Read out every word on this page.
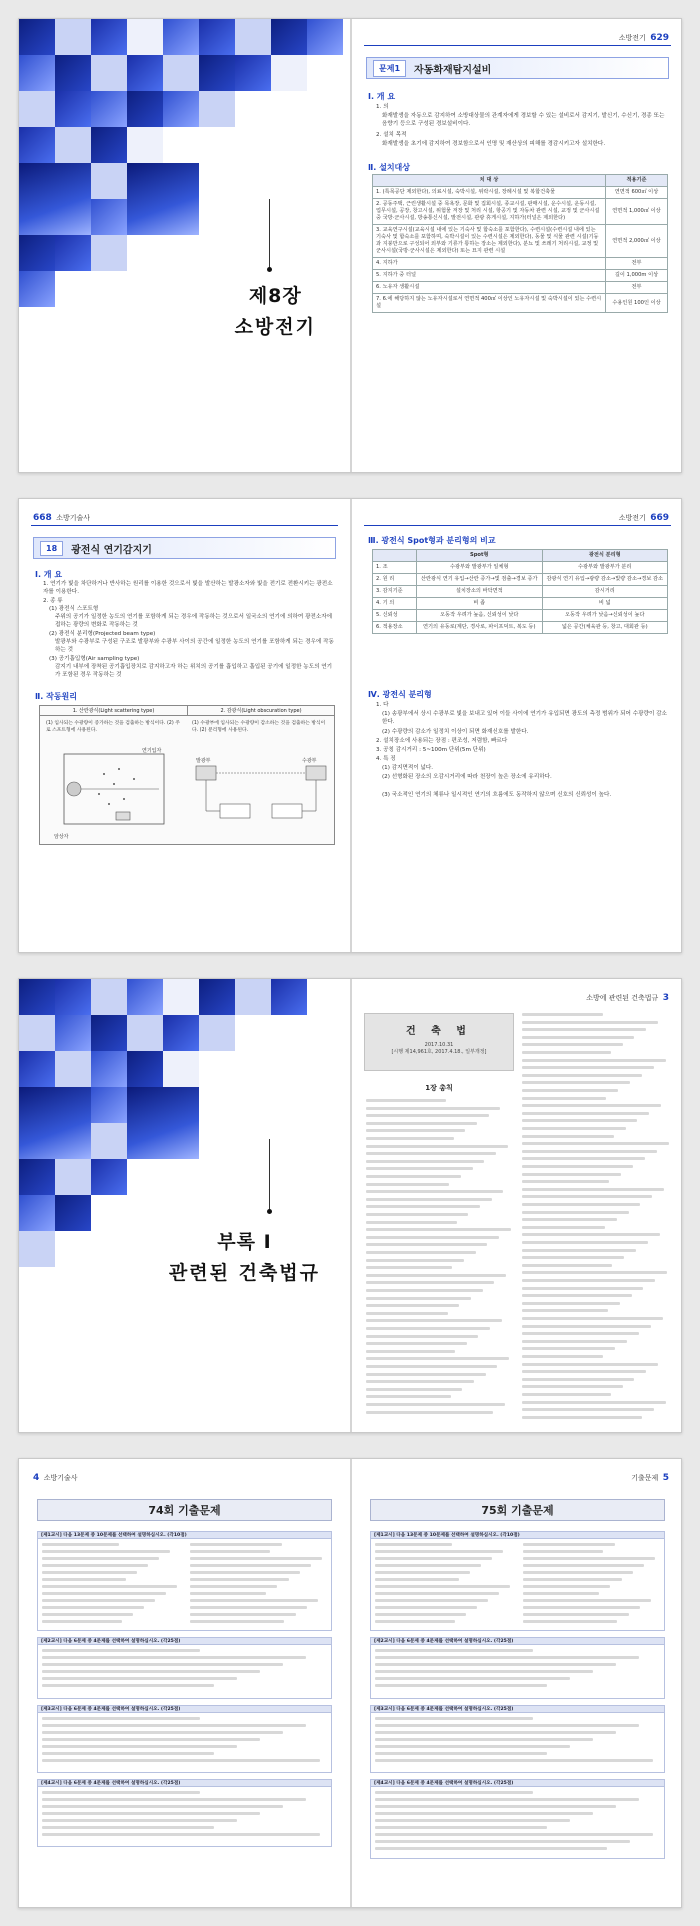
제8장
소방전기
소방전기 629
문제1	자동화재탐지설비
Ⅰ. 개 요
1. 의
화재발생을 자동으로 감지하여 소방대상물의 관계자에게 경보할 수 있는 설비로서 감지기, 발신기, 수신기, 경종 또는 음향기 등으로 구성된 경보설비이다.
2. 설치 목적
화재발생을 초기에 감지하여 경보함으로서 인명 및 재산상의 피해를 경감시키고자 설치한다.
Ⅱ. 설치대상
치 대 상	적용기준
1. (특목공단 제외한다), 의료시설, 숙박시설, 위락시설, 장례시설 및 복합건축물	연면적 600㎡ 이상
2. 공동주택, 근린생활시설 중 목욕장, 문화 및 집회시설, 종교시설, 판매시설, 운수시설, 운동시설, 업무시설, 공장, 창고시설, 위험물 저장 및 처리 시설, 항공기 및 자동차 관련 시설, 교정 및 군사시설 중 국방·군사시설, 방송통신시설, 발전시설, 관광 휴게시설, 지하가(터널은 제외한다)	연면적 1,000㎡ 이상
3. 교육연구시설(교육시설 내에 있는 기숙사 및 합숙소를 포함한다), 수련시설(수련시설 내에 있는 기숙사 및 합숙소를 포함하며, 숙박시설이 있는 수련시설은 제외한다), 동물 및 식물 관련 시설(기둥과 지붕만으로 구성되어 외부와 기류가 통하는 장소는 제외한다), 분뇨 및 쓰레기 처리시설, 교정 및 군사시설(국방·군사시설은 제외한다) 또는 묘지 관련 시설	연면적 2,000㎡ 이상
4. 지하가	전부
5. 지하가 중 터널	길이 1,000m 이상
6. 노유자 생활시설	전부
7. 6.에 해당하지 않는 노유자시설로서 연면적 400㎡ 이상인 노유자시설 및 숙박시설이 있는 수련시설	수용인원 100인 이상
668 소방기술사
18	광전식 연기감지기
Ⅰ. 개 요
1. 연기가 빛을 차단하거나 반사하는 원리를 이용한 것으로서 빛을 발산하는 발광소자와 빛을 전기로 전환시키는 광전소자를 이용한다.
2. 종 류
(1) 광전식 스포트형
주위의 공기가 일정한 농도의 연기를 포함하게 되는 경우에 작동하는 것으로서 일국소의 연기에 의하여 광전소자에 접하는 광량의 변화로 작동하는 것
(2) 광전식 분리형(Projected beam type)
발광부와 수광부로 구성된 구조로 발광부와 수광부 사이의 공간에 일정한 농도의 연기를 포함하게 되는 경우에 작동하는 것
(3) 공기흡입형(Air sampling type)
감지기 내부에 장착된 공기흡입장치로 감지하고자 하는 위치의 공기를 흡입하고 흡입된 공기에 일정한 농도의 연기가 포함된 경우 작동하는 것
Ⅱ. 작동원리
1. 산란광식(Light scattering type)	2. 감광식(Light obscuration type)
(1) 입사되는 수광량이 증가하는 것을 검출하는 방식이다. (2) 주로 스포트형에 사용된다.
(1) 수광부에 입사되는 수광량이 감소하는 것을 검출하는 방식이다. (2) 분리형에 사용된다.
연기입자
암상자
발광부	수광부
소방전기 669
Ⅲ. 광전식 Spot형과 분리형의 비교
	Spot형	광전식 분리형
1. 조	수광부와 발광부가 일체형	수광부와 발광부가 분리
2. 원 리	산란광식 연기 유입→산란 증가→빛 검출→경보 증가	감광식 연기 유입→광량 감소→빛량 감소→경보 감소
3. 감지기준	설치장소의 바닥면적	감시거리
4. 기 의	비 좁	비 넓
5. 신뢰성	오동작 우려가 높음, 신뢰성이 낮다	오동작 우려가 낮음→신뢰성이 높다
6. 적용장소	연기의 유동로(계단, 경사로, 파이프덕트, 복도 등)	넓은 공간(체육관 등, 창고, 대회관 등)
Ⅳ. 광전식 분리형
1. 다
(1) 송광부에서 상시 수광부로 빛을 보내고 있어 이들 사이에 연기가 유입되면 광도의 측정 범위가 되어 수광량이 감소한다.
(2) 수광량의 감소가 일정치 이상이 되면 화재신호를 발한다.
2. 설치장소에 사용되는 장점 : 편조성, 저렴함, 빠르다
3. 공칭 감시거리 : 5~100m 단위(5m 단위)
4. 특 징
(1) 감지면적이 넓다.
(2) 선형화된 장소의 오감시거리에 따라 천장이 높은 장소에 유리하다.
(3) 국소적인 연기의 체류나 일시적인 연기의 흐름에도 동작하지 않으며 신호의 신뢰성이 높다.
부록 Ⅰ
관련된 건축법규
소방에 관련된 건축법규 3
건 축 법
2017.10.31
[시행 제14,961호, 2017.4.18., 일부개정]
1장 총칙
4 소방기술사
74회 기출문제
[제1교시] 다음 13문제 중 10문제를 선택하여 설명하십시오. (각10점)
[제2교시] 다음 6문제 중 4문제를 선택하여 설명하십시오. (각25점)
[제3교시] 다음 6문제 중 4문제를 선택하여 설명하십시오. (각25점)
[제4교시] 다음 6문제 중 4문제를 선택하여 설명하십시오. (각25점)
기출문제 5
75회 기출문제
[제1교시] 다음 13문제 중 10문제를 선택하여 설명하십시오. (각10점)
[제2교시] 다음 6문제 중 4문제를 선택하여 설명하십시오. (각25점)
[제3교시] 다음 6문제 중 4문제를 선택하여 설명하십시오. (각25점)
[제4교시] 다음 6문제 중 4문제를 선택하여 설명하십시오. (각25점)
